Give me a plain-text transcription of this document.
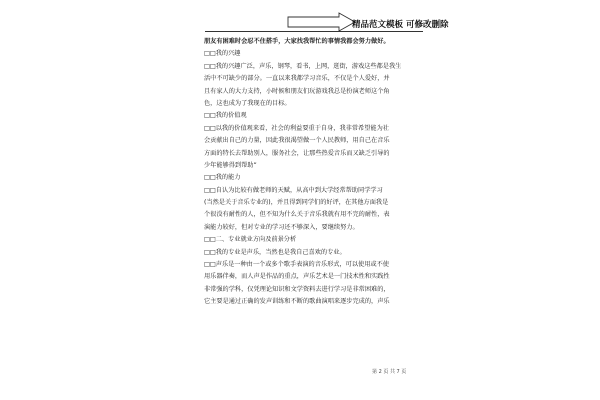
精品范文模板 可修改删除
朋友有困难时会忍不住搭手，大家找我帮忙的事情我都会努力做好。
□□我的兴趣
□□我的兴趣广泛，声乐，钢琴，看书，上网，逛街，游戏这些都是我生
活中不可缺少的部分。一直以来我都学习音乐，不仅是个人爱好，并
且有家人的大力支持，小时候和朋友们玩游戏我总是扮演老师这个角
色，这也成为了我现在的目标。
□□我的价值观
□□以我的价值观来看，社会的利益要重于自身，我非常希望能为社
会贡献出自己的力量，因此我很渴望做一个人民教师，用自己在音乐
方面的特长去帮助别人，服务社会，让那些热爱音乐而又缺乏引导的
少年能够得到帮助”
□□我的能力
□□自认为比较有做老师的天赋，从高中到大学经常帮助同学学习
(当然是关于音乐专业的)，并且得到同学们的好评，在其他方面我是
个很没有耐性的人，但不知为什么关于音乐我就有用不完的耐性，表
演能力较好，但对专业的学习还不够深入，要继续努力。
□□二、专业就业方向及前景分析
□□我的专业是声乐，当然也是我自己喜欢的专业。
□□声乐是一种由一个或多个歌手表演的音乐形式，可以使用或不使
用乐器伴奏，而人声是作品的重点，声乐艺术是一门技术性和实践性
非常强的学科，仅凭理论知识和文学资料去进行学习是非常困难的，
它主要是通过正确的发声训练和不断的歌曲演唱来逐步完成的，声乐
第 2 页 共 7 页
